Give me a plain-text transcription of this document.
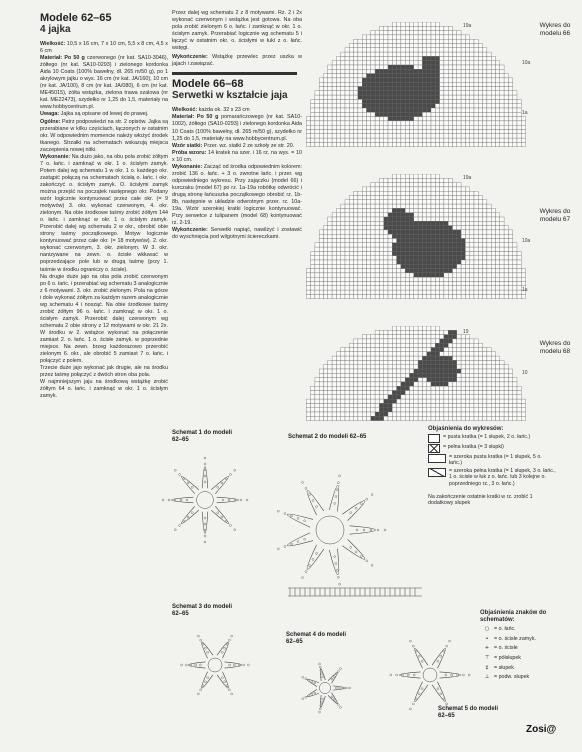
Modele 62–65
4 jajka

Wielkość: 10,5 x 16 cm, 7 x 10 cm, 5,5 x 8 cm, 4,5 x 6 cm

Materiał: Po 50 g czerwonego (nr kat. SA10-3046), żółtego (nr kat. SA10-0293) i zielonego kordonka Aida 10 Coats (100% bawełny, dł. 265 m/50 g), po 1 akrylowym jajku o wys. 16 cm (nr kat. JA/160), 10 cm (nr kat. JA/100), 8 cm (nr kat. JA/080), 6 cm (nr kat. ME45015), żółta wstążka, zielona trawa szalowa (nr kat. ME22473), szydełko nr 1,25 do 1,5, materiały na www.hobbycentrum.pl.

Uwaga: Jajka są opisane od lewej do prawej.

Ogólne: Patrz podpowiedzi na str. 2 opisów. Jajka są przerabiane w kilku częściach, łączonych w ostatnim okr. W odpowiednim momencie należy włożyć środek tkanego. Strzałki na schematach wskazują miejsca zaczepienia nowej nitki.

Wykonanie: Na dużo jako, na obu pola zrobić żółtym 7 o. łańc. i zamknąć w okr. 1 o. ścisłym zamyk. Potem dalej wg schematu 1 w okr. 1 o. każdego okr. zastąpić połączą na schematach ścisłą o. łańc. i okr. zakończyć o. ścisłym zamyk. O. ścisłymi zamyk można przejść na początek następnego okr. Podany wzór logicznie kontynuować przez całe okr. (= 9 motywów) 3. okr. wykonać czerwonym, 4. okr. zielonym. Na obie środkowe taśmy zrobić żółtym 144 o. łańc. i zamknąć w okr. 1 o. ścisłym zamyk. Przerobić dalej wg schematu 2 w okr., obrobić obie strony taśmy początkowego. Motyw logicznie kontynuować przez całe okr. (= 18 motywów). 2. okr. wykonać czerwonym, 3. okr. zielonym. W 3. okr. nanizywane na zewn. o. ścisłe wkłuwać w poprzedzające pole lub w drugą taśmę (przy 1. taśmie w środku ograniczy o. ścisłe).

Na drugie duże jajo na oba pola zrobić czerwonym po 6 o. łańc. i przerabiać wg schematu 3 analogicznie z 6 motywami. 3. okr. zrobić zielonym. Pola na górze i dole wykonać żółtym za każdym razem analogicznie wg schematu 4 i nosząć. Na obie środkowe taśmy zrobić żółtym 96 o. łańc. i zamknąć w okr. 1 o. ścisłym zamyk. Przerobić dalej czerwonym wg schematu 2 obie strony z 12 motywami w okr. 21 2x. W środku w 2. wstążce wykonać na połączenie zamiast 2. o. łańc. 1 o. ścisłe zamyk. w poprzednie miejsce. Na zewn. brzeg każdorazowo przerobić zielonym 6. okr., ale obrobić 5 zamiast 7 o. łańc. i połączyć z polem.

Trzecie duże jajo wykonać jak drugie, ale na środku przez taśmę połączyć z dwóch stron oba pola.

W najmniejszym jaju na środkową wstążkę zrobić żółtym 64 o. łańc. i zamknąć w okr. 1 o. ścisłym zamyk.

Przez dalej wg schematu 2 z 8 motywami. Rz. 2 i 2x wykonać czerwonym i wstążka jest gotowa. Na oba pola zrobić zielonym 6 o. łańc. i zamknąć w okr. 1 o. ścisłym zamyk. Przerabiać logicznie wg schematu 5 i łączyć w ostatnim okr. o. ścisłymi w łuki z o. łańc. wstęgi.

Wykończenie: Wstążkę przewlec przez uszka w jajach i zawiązać.

Modele 66–68
Serwetki w kształcie jaja

Wielkość: każda ok. 32 x 23 cm

Materiał: Po 50 g pomarańczowego (nr kat. SA10-1002), żółtego (SA10-0293) i zielonego kordonka Aida 10 Coats (100% bawełny, dł. 265 m/50 g), szydełko nr 1,25 do 1,5, materiały na www.hobbycentrum.pl.

Wzór siatki: Przer. wz. siatki 2 ze szkoły ze str. 20.

Próba wzoru: 14 kratek na szer. i 16 rz. na wys. = 10 x 10 cm.

Wykonanie: Zacząć od środka odpowiednim kolorem: zrobić 136 o. łańc. + 3 o. zwrotne łańc. i przer. wg odpowiedniego wykresu. Przy zajączku (model 66) i kurczaku (model 67) po rz. 1a-19a robótkę odwrócić i drugą stronę łańcuszka początkowego obrobić rz. 1b-8b, następnie w układzie odwrotnym przer. rz. 10a-19a. Wzór szerokiej kratki logicznie kontynuować. Przy serwetce z tulipanem (model 68) kontynuować rz. 2-19.

Wykończenie: Serwetki napiąć, nawilżyć i zostawić do wyschnięcia pod wilgotnymi ściereczkami.

Wykres do modelu 66
Wykres do modelu 67
Wykres do modelu 68
19a
10a
1a
19a
10a
1a
19
10
Schemat 1 do modeli 62–65	Schemat 2 do modeli 62–65
Schemat 3 do modeli 62–65
Schemat 4 do modeli 62–65
Schemat 5 do modeli 62–65
Objaśnienia do wykresów:
= pusta kratka (= 1 słupek, 2 o. łańc.)
= pełna kratka (= 3 słupki)
= szeroka pusta kratka (= 1 słupek, 5 o. łańc.)
= szeroka pełna kratka (= 1 słupek, 3 o. łańc., 1 o. ścisłe w łuk z o. łańc. lub 3 kolejne o. poprzedniego rz., 3 o. łańc.)
Na zakończenie ostatnie kratki w rz. zrobić 1 dodatkowy słupek
Objaśnienia znaków do schematów:
○ = o. łańc.
• = o. ścisłe zamyk.
+ = o. ścisłe
⊤ = półsłupek
‡ = słupek
⊥ = podw. słupek
Zosi@
